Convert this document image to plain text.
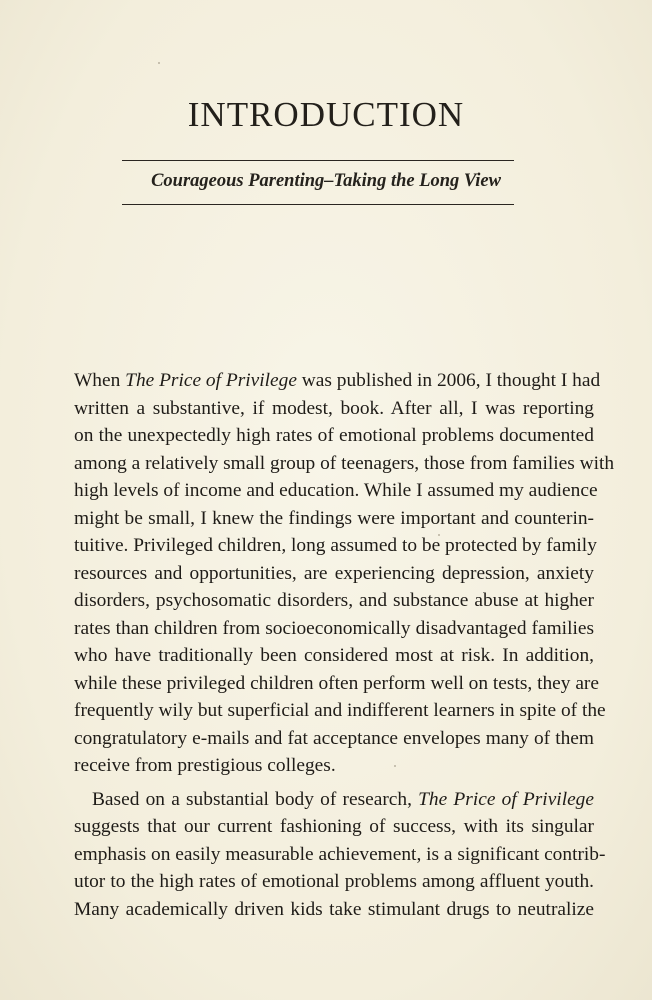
INTRODUCTION
Courageous Parenting–Taking the Long View
When The Price of Privilege was published in 2006, I thought I had
written a substantive, if modest, book. After all, I was reporting
on the unexpectedly high rates of emotional problems documented
among a relatively small group of teenagers, those from families with
high levels of income and education. While I assumed my audience
might be small, I knew the findings were important and counterin-
tuitive. Privileged children, long assumed to be protected by family
resources and opportunities, are experiencing depression, anxiety
disorders, psychosomatic disorders, and substance abuse at higher
rates than children from socioeconomically disadvantaged families
who have traditionally been considered most at risk. In addition,
while these privileged children often perform well on tests, they are
frequently wily but superficial and indifferent learners in spite of the
congratulatory e-mails and fat acceptance envelopes many of them
receive from prestigious colleges.
Based on a substantial body of research, The Price of Privilege
suggests that our current fashioning of success, with its singular
emphasis on easily measurable achievement, is a significant contrib-
utor to the high rates of emotional problems among affluent youth.
Many academically driven kids take stimulant drugs to neutralize
